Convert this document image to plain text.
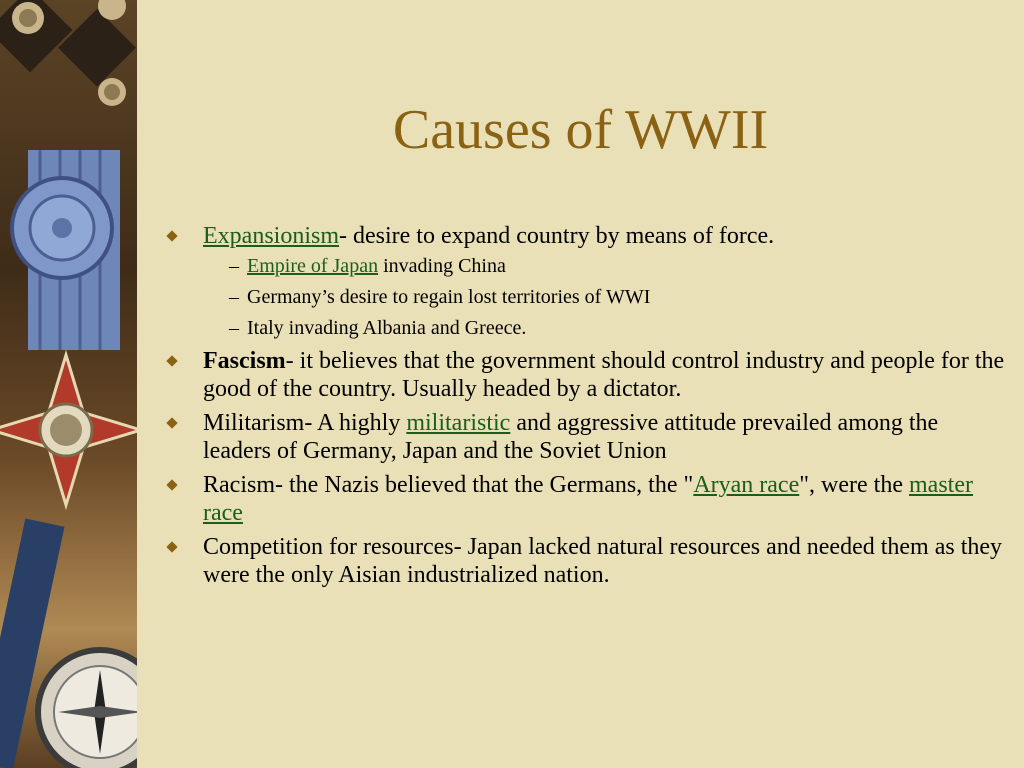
Causes of WWII
Expansionism- desire to expand country by means of force.
– Empire of Japan invading China
– Germany’s desire to regain lost territories of WWI
– Italy invading Albania and Greece.
Fascism- it believes that the government should control industry and people for the good of the country. Usually headed by a dictator.
Militarism- A highly militaristic and aggressive attitude prevailed among the leaders of Germany, Japan and the Soviet Union
Racism- the Nazis believed that the Germans, the "Aryan race", were the master race
Competition for resources- Japan lacked natural resources and needed them as they were the only Aisian industrialized nation.
